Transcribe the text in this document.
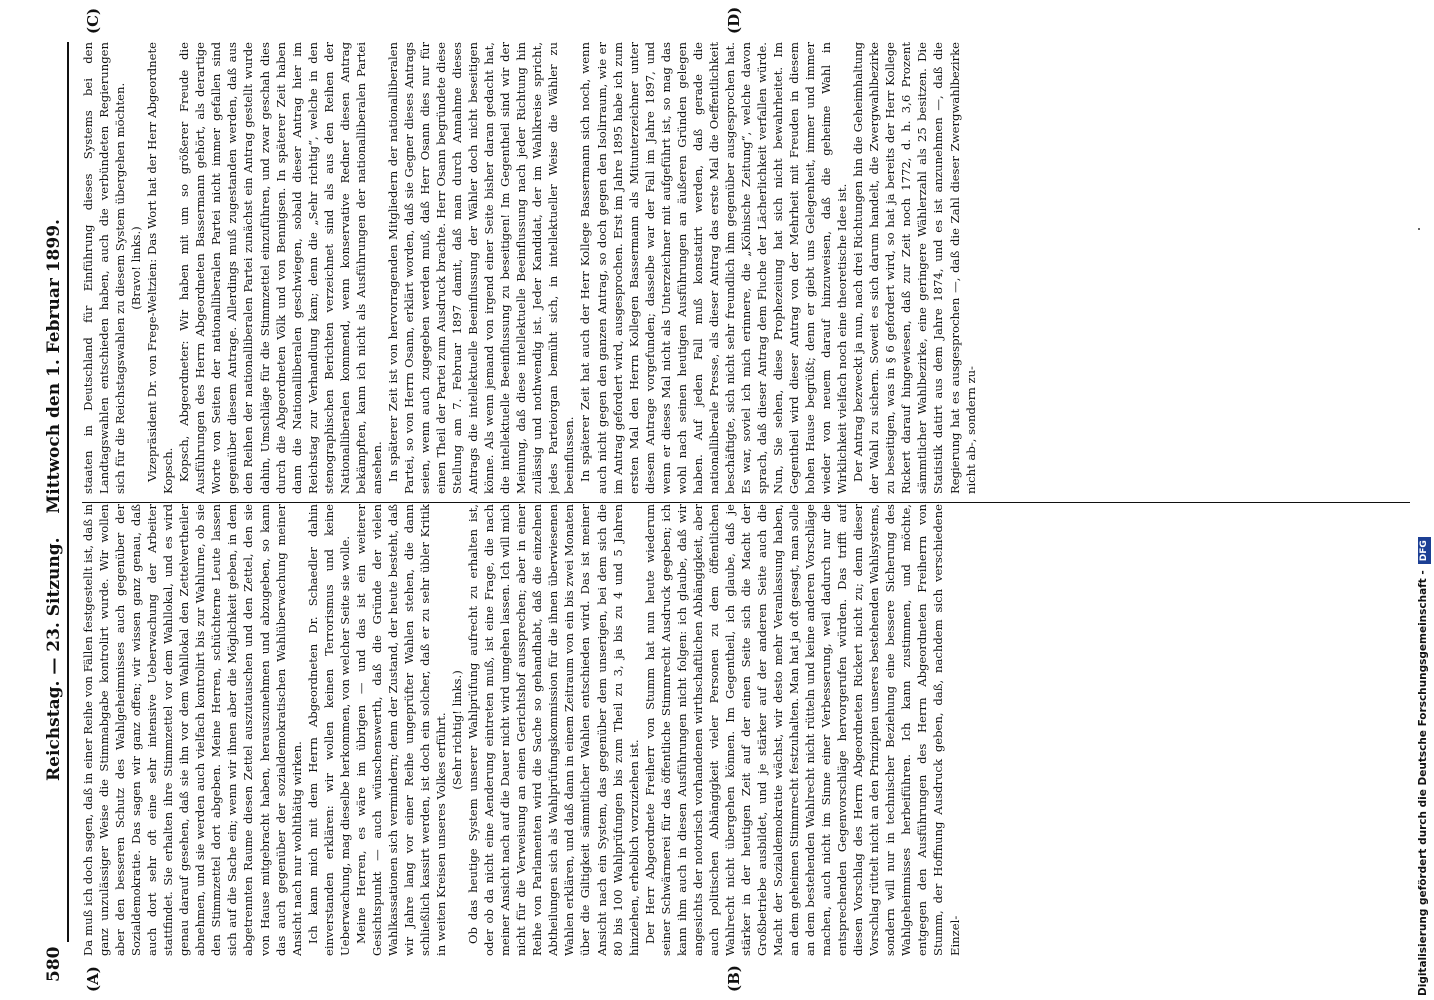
580
Reichstag. — 23. Sitzung. Mittwoch den 1. Februar 1899.
(A)	(B)
(C)	(D)

Da muß ich doch sagen, daß in einer Reihe von Fällen festgestellt ist, daß in ganz unzulässiger Weise die Stimmabgabe kontrolirt wurde. Wir wollen aber den besseren Schutz des Wahlgeheimnisses auch gegenüber der Sozialdemokratie. Das sagen wir ganz offen; wir wissen ganz genau, daß auch dort sehr oft eine sehr intensive Ueberwachung der Arbeiter stattfindet. Sie erhalten ihre Stimmzettel vor dem Wahllokal, und es wird genau darauf gesehen, daß sie ihn vor dem Wahllokal den Zettelvertheiler abnehmen, und sie werden auch vielfach kontrolirt bis zur Wahlurne, ob sie den Stimmzettel dort abgeben. Meine Herren, schüchterne Leute lassen sich auf die Sache ein; wenn wir ihnen aber die Möglichkeit geben, in dem abgetrennten Raume diesen Zettel auszutauschen und den Zettel, den sie von Hause mitgebracht haben, herauszunehmen und abzugeben, so kann das auch gegenüber der sozialdemokratischen Wahlüberwachung meiner Ansicht nach nur wohlthätig wirken. Ich kann mich mit dem Herrn Abgeordneten Dr. Schaedler dahin einverstanden erklären: wir wollen keinen Terrorismus und keine Ueberwachung, mag dieselbe herkommen, von welcher Seite sie wolle. Meine Herren, es wäre im übrigen — und das ist ein weiterer Gesichtspunkt — auch wünschenswerth, daß die Gründe der vielen Wahlkassationen sich vermindern; denn der Zustand, der heute besteht, daß wir Jahre lang vor einer Reihe ungeprüfter Wahlen stehen, die dann schließlich kassirt werden, ist doch ein solcher, daß er zu sehr übler Kritik in weiten Kreisen unseres Volkes erführt. (Sehr richtig! links.) Ob das heutige System unserer Wahlprüfung aufrecht zu erhalten ist, oder ob da nicht eine Aenderung eintreten muß, ist eine Frage, die nach meiner Ansicht nach auf die Dauer nicht wird umgehen lassen. Ich will mich nicht für die Verweisung an einen Gerichtshof aussprechen; aber in einer Reihe von Parlamenten wird die Sache so gehandhabt, daß die einzelnen Abtheilungen sich als Wahlprüfungskommission für die ihnen überwiesenen Wahlen erklären, und daß dann in einem Zeitraum von ein bis zwei Monaten über die Giltigkeit sämmtlicher Wahlen entschieden wird. Das ist meiner Ansicht nach ein System, das gegenüber dem unserigen, bei dem sich die 80 bis 100 Wahlprüfungen bis zum Theil zu 3, ja bis zu 4 und 5 Jahren hinziehen, erheblich vorzuziehen ist. Der Herr Abgeordnete Freiherr von Stumm hat nun heute wiederum seiner Schwärmerei für das öffentliche Stimmrecht Ausdruck gegeben; ich kann ihm auch in diesen Ausführungen nicht folgen: ich glaube, daß wir angesichts der notorisch vorhandenen wirthschaftlichen Abhängigkeit, aber auch politischen Abhängigkeit vieler Personen zu dem öffentlichen Wahlrecht nicht übergehen können. Im Gegentheil, ich glaube, daß je stärker in der heutigen Zeit auf der einen Seite sich die Macht der Großbetriebe ausbildet, und je stärker auf der anderen Seite auch die Macht der Sozialdemokratie wächst, wir desto mehr Veranlassung haben, an dem geheimen Stimmrecht festzuhalten. Man hat ja oft gesagt, man solle an dem bestehenden Wahlrecht nicht rütteln und keine anderen Vorschläge machen, auch nicht im Sinne einer Verbesserung, weil dadurch nur die entsprechenden Gegenvorschläge hervorgerufen würden. Das trifft auf diesen Vorschlag des Herrn Abgeordneten Rickert nicht zu; denn dieser Vorschlag rüttelt nicht an den Prinzipien unseres bestehenden Wahlsystems, sondern will nur in technischer Beziehung eine bessere Sicherung des Wahlgeheimnisses herbeiführen. Ich kann zustimmen, und möchte, entgegen den Ausführungen des Herrn Abgeordneten Freiherrn von Stumm, der Hoffnung Ausdruck geben, daß, nachdem sich verschiedene Einzel-

staaten in Deutschland für Einführung dieses Systems bei den Landtagswahlen entschieden haben, auch die verbündeten Regierungen sich für die Reichstagswahlen zu diesem System übergehen möchten. (Bravo! links.) Vizepräsident Dr. von Frege-Weltzien: Das Wort hat der Herr Abgeordnete Kopsch. Kopsch, Abgeordneter: Wir haben mit um so größerer Freude die Ausführungen des Herrn Abgeordneten Bassermann gehört, als derartige Worte von Seiten der nationalliberalen Partei nicht immer gefallen sind gegenüber diesem Antrage. Allerdings muß zugestanden werden, daß aus den Reihen der nationalliberalen Partei zunächst ein Antrag gestellt wurde dahin, Umschläge für die Stimmzettel einzuführen, und zwar geschah dies durch die Abgeordneten Völk und von Bennigsen. In späterer Zeit haben dann die Nationalliberalen geschwiegen, sobald dieser Antrag hier im Reichstag zur Verhandlung kam; denn die „Sehr richtig“, welche in den stenographischen Berichten verzeichnet sind als aus den Reihen der Nationalliberalen kommend, wenn konservative Redner diesen Antrag bekämpften, kann ich nicht als Ausführungen der nationalliberalen Partei ansehen. In späterer Zeit ist von hervorragenden Mitgliedern der nationalliberalen Partei, so von Herrn Osann, erklärt worden, daß sie Gegner dieses Antrags seien, wenn auch zugegeben werden muß, daß Herr Osann dies nur für einen Theil der Partei zum Ausdruck brachte. Herr Osann begründete diese Stellung am 7. Februar 1897 damit, daß man durch Annahme dieses Antrags die intellektuelle Beeinflussung der Wähler doch nicht beseitigen könne. Als wenn jemand von irgend einer Seite bisher daran gedacht hat, die intellektuelle Beeinflussung zu beseitigen! Im Gegentheil sind wir der Meinung, daß diese intellektuelle Beeinflussung nach jeder Richtung hin zulässig und nothwendig ist. Jeder Kandidat, der im Wahlkreise spricht, jedes Parteiorgan bemüht sich, in intellektueller Weise die Wähler zu beeinflussen. In späterer Zeit hat auch der Herr Kollege Bassermann sich noch, wenn auch nicht gegen den ganzen Antrag, so doch gegen den Isolirraum, wie er im Antrag gefordert wird, ausgesprochen. Erst im Jahre 1895 habe ich zum ersten Mal den Herrn Kollegen Bassermann als Mitunterzeichner unter diesem Antrage vorgefunden; dasselbe war der Fall im Jahre 1897, und wenn er dieses Mal nicht als Unterzeichner mit aufgeführt ist, so mag das wohl nach seinen heutigen Ausführungen an äußeren Gründen gelegen haben. Auf jeden Fall muß konstatirt werden, daß gerade die nationalliberale Presse, als dieser Antrag das erste Mal die Oeffentlichkeit beschäftigte, sich nicht sehr freundlich ihm gegenüber ausgesprochen hat. Es war, soviel ich mich erinnere, die „Kölnische Zeitung“, welche davon sprach, daß dieser Antrag dem Fluche der Lächerlichkeit verfallen würde. Nun, Sie sehen, diese Prophezeiung hat sich nicht bewahrheitet. Im Gegentheil wird dieser Antrag von der Mehrheit mit Freuden in diesem hohen Hause begrüßt; denn er giebt uns Gelegenheit, immer und immer wieder von neuem darauf hinzuweisen, daß die geheime Wahl in Wirklichkeit vielfach noch eine theoretische Idee ist. Der Antrag bezweckt ja nun, nach drei Richtungen hin die Geheimhaltung der Wahl zu sichern. Soweit es sich darum handelt, die Zwergwahlbezirke zu beseitigen, was in § 6 gefordert wird, so hat ja bereits der Herr Kollege Rickert darauf hingewiesen, daß zur Zeit noch 1772, d. h. 3,6 Prozent sämmtlicher Wahlbezirke, eine geringere Wählerzahl als 25 besitzen. Die Statistik datirt aus dem Jahre 1874, und es ist anzunehmen —, daß die Regierung hat es ausgesprochen —, daß die Zahl dieser Zwergwahlbezirke nicht ab-, sondern zu-

Digitalisierung gefördert durch die Deutsche Forschungsgemeinschaft -DFG
